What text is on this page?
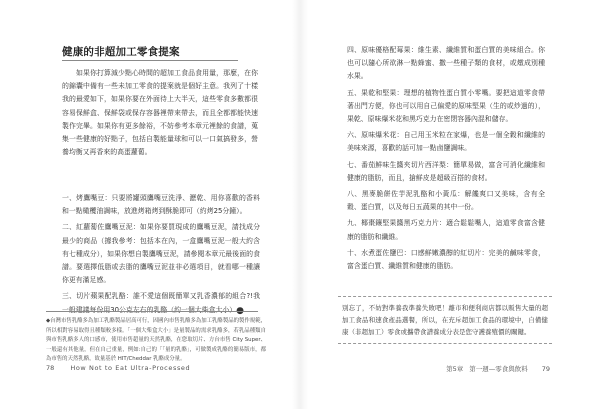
健康的非超加工零食提案

如果你打算減少點心時間的超加工食品食用量，那麼，在你的錦囊中備有一些未加工零食的提案就是個好主意。我列了十樣我的最愛如下，如果你要在外面待上大半天，這些零食多數都很容易保鮮盒、保鮮袋或保存容器裡帶來帶去，而且全都都能快速製作完畢。如果你有更多餘裕，不妨參考本章元裡餘的食譜，蒐集一些健康的好點子，包括自製能量球和可以一口氣搞發多，營養均衡又再香來的高蛋蘿蔔。

一、烤鷹嘴豆：只要將罐頭鷹嘴豆洗淨、瀝乾、用你喜歡的香料和一點橄欖油調味，放進烤箱烤到酥脆即可（約烤25分鐘）。
二、紅蘿蔔佐鷹嘴豆泥：如果你要買現成的鷹嘴豆泥，請找成分最少的商品（據我參考：包括本在內，一盒鷹嘴豆泥一般大約含有七種成分），如果你想自製鷹嘴豆泥，請參閱本章元最後面的食譜。要選擇低脂或去脂的鷹嘴豆泥並非必選項目，就看哪一種讓你更有滿足感。
三、切片蘋果配乳酪：誰不愛這個既簡單又乳香濃郁的組合?!我一般建議每份用30公克左右的乳酪（約一個大柴盒大小）●

◆台灣市售乳酪多為加工乳酪製品居高可行，因國內市售乳酪多為加工乳酪製品的製作規範，所以相對容易取得且種類較多樣。「一個大柴盒大小」是量製品的需求乳酪多，若乳品種類自與市售乳酪多人的口感市，使用市售超量的天然乳酪，在您取切片、方台市售 City Super、一般還有其他量，但在自己重量，例如:自己的「「量的乳酪」，可做製成乳酪的簡易版市，都為市售的天然乳酪，故量基於 HIT/Cheddar 乳酪成分量。

78 How Not to Eat Ultra-Processed
四、原味優格配莓果：維生素、纖維質和蛋白質的美味組合。你也可以隨心所欲淋一點蜂蜜、撒一些種子類的食材，或燉成別種水果。
五、果乾和堅果：理想的植物性蛋白質小零嘴。要把這道零食帶著出門方便，你也可以用自己偏愛的原味堅果（生的或炒過的），果乾、原味爆米花和黑巧克力在密閉容器內混和儲存。
六、原味爆米花：自己用玉米粒在家爆，也是一個全穀和纖維的美味來源，喜歡的話可加一點鹵鹽調味。
七、番茄鮮味生醬夾切片西洋梨：簡單易做，富含可消化纖維和健康的脂肪，而且，搶鮮皮是超級百搭的食材。
八、黑麥脆餅佐芋泥乳酪和小黃瓜：解饞爽口又美味，含有全穀、蛋白質，以及每日五蔬果的其中一份。
九、椰棗鑲堅果醬黑巧克力片：適合鬆鬆嘴人，這道零食富含健康的脂肪和纖維。
十、水煮蛋佐鹽巴：口感鮮嫩濃醇的紅切片：完美的鹹味零食，富含蛋白質、纖維質和健康的脂肪。
別忘了，不妨對準養我準養失敗吧！離市和便利商店都以販售大量的超加工食品和速食產品選餐，所以，在充斥超加工食品的環境中，自備健康（非超加工）零食或攜帶食譜養成分表是您守護養殖價的關鍵。
第5章 第一週—零食與飲料 79
